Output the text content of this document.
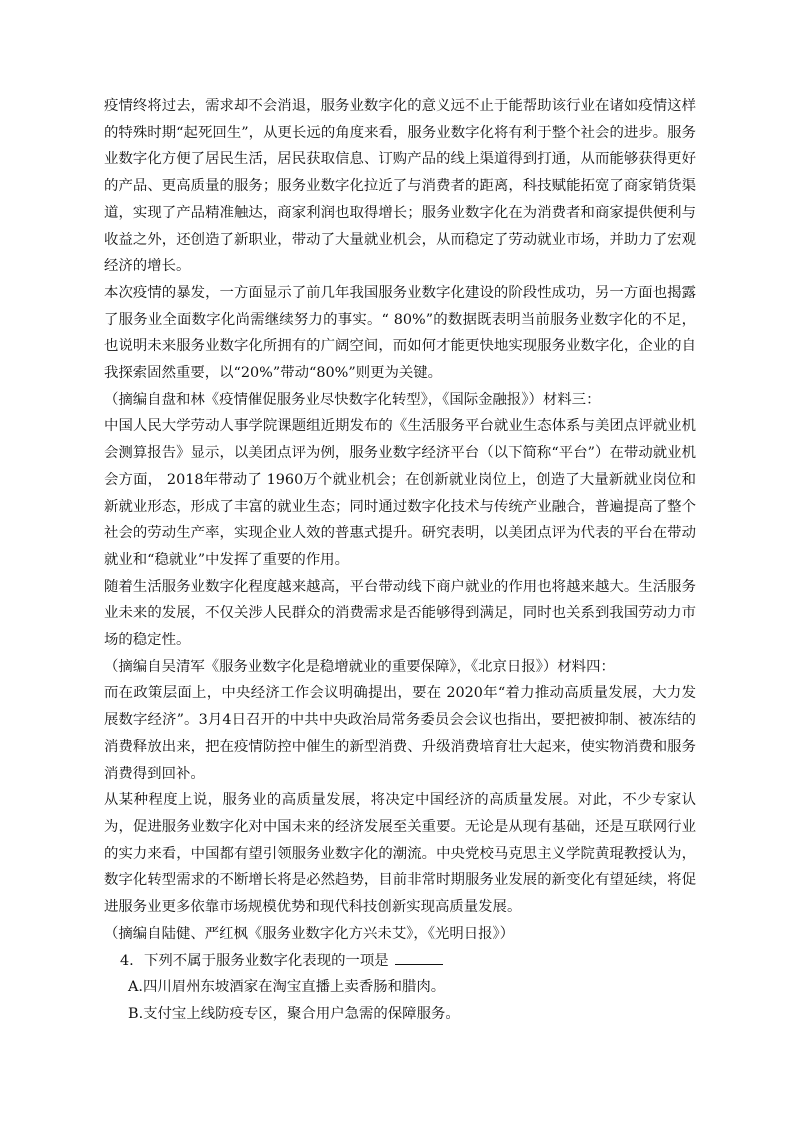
疫情终将过去，需求却不会消退，服务业数字化的意义远不止于能帮助该行业在诸如疫情这样的特殊时期“起死回生”，从更长远的角度来看，服务业数字化将有利于整个社会的进步。服务业数字化方便了居民生活，居民获取信息、订购产品的线上渠道得到打通，从而能够获得更好的产品、更高质量的服务；服务业数字化拉近了与消费者的距离，科技赋能拓宽了商家销货渠道，实现了产品精准触达，商家利润也取得增长；服务业数字化在为消费者和商家提供便利与收益之外，还创造了新职业，带动了大量就业机会，从而稳定了劳动就业市场，并助力了宏观经济的增长。

本次疫情的暴发，一方面显示了前几年我国服务业数字化建设的阶段性成功，另一方面也揭露了服务业全面数字化尚需继续努力的事实。“ 80%”的数据既表明当前服务业数字化的不足，也说明未来服务业数字化所拥有的广阔空间，而如何才能更快地实现服务业数字化，企业的自我探索固然重要，以“20%”带动“80%”则更为关键。

（摘编自盘和林《疫情催促服务业尽快数字化转型》，《国际金融报》）材料三：

中国人民大学劳动人事学院课题组近期发布的《生活服务平台就业生态体系与美团点评就业机会测算报告》显示，以美团点评为例，服务业数字经济平台（以下简称“平台”）在带动就业机会方面， 2018年带动了 1960万个就业机会；在创新就业岗位上，创造了大量新就业岗位和新就业形态，形成了丰富的就业生态；同时通过数字化技术与传统产业融合，普遍提高了整个社会的劳动生产率，实现企业人效的普惠式提升。研究表明，以美团点评为代表的平台在带动就业和“稳就业”中发挥了重要的作用。

随着生活服务业数字化程度越来越高，平台带动线下商户就业的作用也将越来越大。生活服务业未来的发展，不仅关涉人民群众的消费需求是否能够得到满足，同时也关系到我国劳动力市场的稳定性。

（摘编自吴清军《服务业数字化是稳增就业的重要保障》，《北京日报》）材料四：

而在政策层面上，中央经济工作会议明确提出，要在 2020年“着力推动高质量发展，大力发展数字经济”。3月4日召开的中共中央政治局常务委员会会议也指出，要把被抑制、被冻结的消费释放出来，把在疫情防控中催生的新型消费、升级消费培育壮大起来，使实物消费和服务消费得到回补。

从某种程度上说，服务业的高质量发展，将决定中国经济的高质量发展。对此，不少专家认为，促进服务业数字化对中国未来的经济发展至关重要。无论是从现有基础，还是互联网行业的实力来看，中国都有望引领服务业数字化的潮流。中央党校马克思主义学院黄琨教授认为，数字化转型需求的不断增长将是必然趋势，目前非常时期服务业发展的新变化有望延续，将促进服务业更多依靠市场规模优势和现代科技创新实现高质量发展。

（摘编自陆健、严红枫《服务业数字化方兴未艾》，《光明日报》）

4. 下列不属于服务业数字化表现的一项是

A.四川眉州东坡酒家在淘宝直播上卖香肠和腊肉。

B.支付宝上线防疫专区，聚合用户急需的保障服务。
